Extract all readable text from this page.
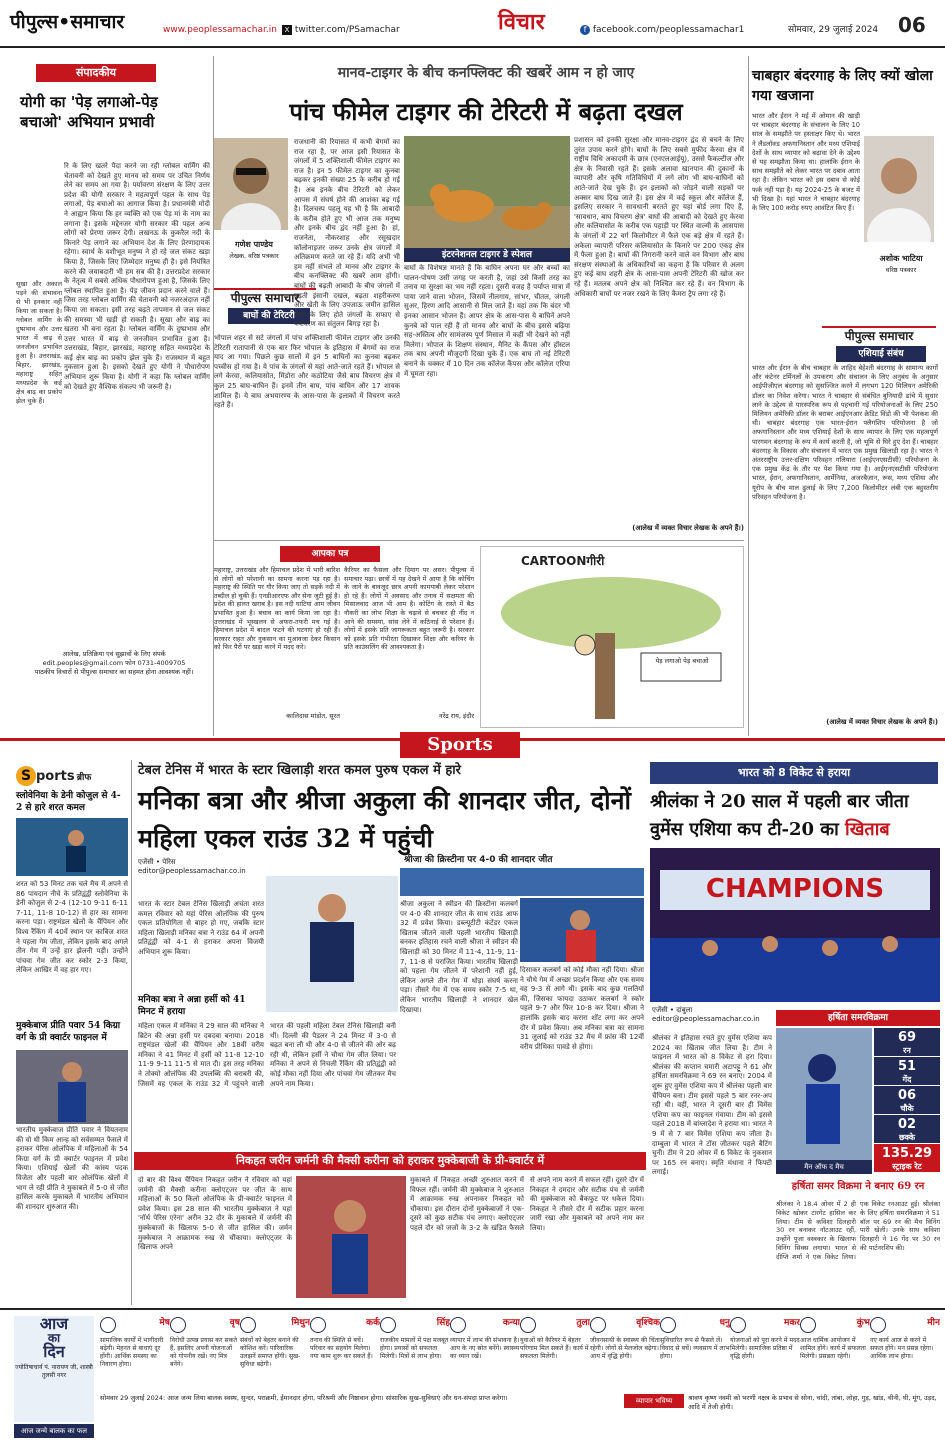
पीपुल्स•समाचार	www.peoplessamachar.in	X twitter.com/PSamachar	विचार	f facebook.com/peoplessamachar1	सोमवार, 29 जुलाई 2024 06
संपादकीय
योगी का 'पेड़ लगाओ-पेड़ बचाओ' अभियान प्रभावी
रि के लिए खतरे पैदा करने जा रही ग्लोबल वार्मिंग की चेतावनी को देखते हुए मानव को समय पर उचित निर्णय लेने का समय आ गया है। पर्यावरण संरक्षण के लिए उत्तर प्रदेश की योगी सरकार ने महत्वपूर्ण पहल के साथ पेड़ लगाओ, पेड़ बचाओ का आगाज किया है। प्रधानमंत्री मोदी ने आह्वान किया कि हर व्यक्ति को एक पेड़ मां के नाम का लगाना है। इसके मद्देनजर योगी सरकार की पहल अन्य लोगों को प्रेरणा जरूर देगी। लखनऊ के कुकरैल नदी के किनारे पेड़ लगाने का अभियान देश के लिए प्रेरणादायक रहेगा। स्वार्थ के वशीभूत मनुष्य ने हो रहे जल संकट खड़ा किया है, जिसके लिए जिम्मेदार मनुष्य ही है। इसे नियंत्रित करने की जवाबदारी भी हम सब की है। उत्तरप्रदेश सरकार के नेतृत्व में सबसे अधिक पौधारोपण हुआ है, जिसके लिए ग्लोबल स्थापित हुआ है। पेड़ जीवन प्रदान करने वाले हैं। जिस तरह ग्लोबल वार्मिंग की चेतावनी को नजरअंदाज नहीं किया जा सकता। इसी तरह बढ़ते तापमान से जल संकट की समस्या भी खड़ी हो सकती है। सूखा और बाढ़ का खतरा भी बना रहता है। ग्लोबल वार्मिंग के दुष्प्रभाव और उत्तर भारत में बाढ़ से जनजीवन प्रभावित हुआ है। उत्तराखंड, बिहार, झारखंड, महाराष्ट्र सहित मध्यप्रदेश के कई क्षेत्र बाढ़ का प्रकोप झेल चुके हैं। राजस्थान में बहुत नुकसान हुआ है। इसको देखते हुए योगी ने पौधारोपण अभियान शुरू किया है। योगी ने कहा कि ग्लोबल वार्मिंग को देखते हुए वैश्विक संकल्प भी जरूरी है।
सूखा और अकाल पड़ने की संभावना से भी इनकार नहीं किया जा सकता है। ग्लोबल वार्मिंग के दुष्प्रभाव और उत्तर भारत में बाढ़ से जनजीवन प्रभावित हुआ है। उत्तराखंड, बिहार, झारखंड, महाराष्ट्र सहित मध्यप्रदेश के कई क्षेत्र बाढ़ का प्रकोप झेल चुके हैं।
आलेख, प्रतिक्रिया एवं सुझावों के लिए संपर्क
edit.peoples@gmail.com फोन 0731-4009705
पाठकीय विचारों से पीपुल्स समाचार का सहमत होना आवश्यक नहीं।
मानव-टाइगर के बीच कनफ्लिक्ट की खबरें आम न हो जाए
पांच फीमेल टाइगर की टेरिटरी में बढ़ता दखल
गणेश पाण्डेय
लेखक, वरिष्ठ पत्रकार
पीपुल्स समाचार
बाघों की टेरिटरी
राजधानी की रियासत में कभी बेगमों का राज रहा है, पर आज इसी रियासत के जंगलों में 5 शक्तिशाली फीमेल टाइगर का राज है। इन 5 फीमेल टाइगर का कुनबा बढ़कर इनकी संख्या 25 के करीब हो गई है। अब इनके बीच टेरिटरी को लेकर आपस में संघर्ष होने की आशंका बढ़ गई है। दिलचस्प पहलू यह भी है कि आबादी के करीब होते हुए भी आज तक मनुष्य और इनके बीच द्वंद नहीं हुआ है। हां, राजनेता, नौकरशाह और रसूखदार कॉलोनाइजर जरूर उनके क्षेत्र जंगलों में अतिक्रमण करते जा रहे हैं। यदि अभी भी हम नहीं संभले तो मानव और टाइगर के बीच कनफ्लिक्ट की खबरें आम होंगी। बाघों की बढ़ती आबादी के बीच जंगलों में बढ़ती इंसानी दखल, बढ़ता शहरीकरण और खेती के लिए उपजाऊ जमीन हासिल करने के लिए होते जंगलों के सफाए से पर्यावरण का संतुलन बिगड़ रहा है।
इंटरनेशनल टाइगर डे स्पेशल
भोपाल शहर से सटे जंगलों में पांच शक्तिशाली फीमेल टाइगर और उनकी टेरिटरी रातापानी से एक बार फिर भोपाल के इतिहास में बेगमों का राज याद आ गया। पिछले कुछ सालों में इन 5 बाघिनों का कुनबा बढ़कर पच्चीस हो गया है। ये पांच के जंगलों से यहां आते-जाते रहते हैं। भोपाल से लगे केरवा, कलियासोत, मिंडोरा और कठोटिया जैसे बाघ विचरण क्षेत्र में कुल 25 बाघ-बाघिन हैं। इनमें तीन बाघ, पांच बाघिन और 17 शावक शामिल हैं। ये बाघ अभयारण्य के आस-पास के इलाकों में विचरण करते रहते हैं।
बाघों के विशेषज्ञ मानते हैं कि बाघिन अपना घर और बच्चों का पालन-पोषण उसी जगह पर करती है, जहां उसे किसी तरह का तनाव या सुरक्षा का भय नहीं रहता। दूसरी वजह है पर्याप्त मात्रा में पाया जाने वाला भोजन, जिसमें नीलगाय, सांभर, चीतल, जंगली सुअर, हिरण आदि आसानी से मिल जाते हैं। यहां तक कि बंदर भी इनका आसान भोजन हैं। आपर क्षेत्र के आस-पास ये बाघिनें अपने कुनबे को पाल रही हैं तो मानव और बाघों के बीच इससे बढ़िया सह-अस्तित्व और सामंजस्य पूर्ण मिसाल में कहीं भी देखने को नहीं मिलेगा। भोपाल के शिक्षण संस्थान, मैनिट के कैंपस और हॉस्टल तक बाघ अपनी मौजूदगी दिखा चुके हैं। एक बाघ तो नई टेरिटरी बनाने के चक्कर में 10 दिन तक कॉलेज कैंपस और कॉलेज एरिया में घूमता रहा।
प्रशासन को इनकी सुरक्षा और मानव-टाइगर द्वंद से बचने के लिए तुरंत उपाय करने होंगे। बाघों के लिए सबसे मुफीद केरवा क्षेत्र में राष्ट्रीय विधि अकादमी के छात्र (एनएलआईयू), उससे फैकल्टीज और क्षेत्र के निवासी रहते हैं। इसके अलावा खानपान की दुकानों के व्यापारी और कृषि गतिविधियों में लगे लोग भी बाघ-बाघिनों को आते-जाते देख चुके हैं। इन इलाकों को जोड़ने वाली सड़कों पर अक्सर बाघ दिख जाते हैं। इस क्षेत्र में कई स्कूल और कॉलेज हैं, इसलिए सरकार ने सावधानी बरतते हुए यहां बोर्ड लगा दिए हैं, 'सावधान, बाघ विचरण क्षेत्र' बाघों की आबादी को देखते हुए केरवा और कलियासोत के करीब एक पहाड़ी पर स्थित वाल्मी के आसपास के जंगलों में 22 वर्ग किलोमीटर में फैले एक बड़े क्षेत्र में रहते हैं। अकेला व्यापारी परिसर कलियासोत के किनारे पर 200 एकड़ क्षेत्र में फैला हुआ है। बाघों की निगरानी करने वाले वन विभाग और बाघ संरक्षण संस्थाओं के अधिकारियों का कहना है कि परिवार से अलग हुए कई बाघ शहरी क्षेत्र के आस-पास अपनी टेरिटरी की खोज कर रहे हैं। मतलब अपने क्षेत्र को निश्चित कर रहे हैं। वन विभाग के अधिकारी बाघों पर नजर रखने के लिए कैमरा ट्रैप लगा रहे हैं।
(आलेख में व्यक्त विचार लेखक के अपने हैं।)
आपका पत्र
महाराष्ट्र, उत्तराखंड और हिमाचल प्रदेश में भारी बारिश से लोगों को परेशानी का सामना करना पड़ रहा है। महाराष्ट्र की स्थिति पर गौर किया जाए तो सड़कें नदी में तब्दील हो चुकी हैं। एनडीआरएफ और सेना जुटी हुई है। प्रदेश की हालत खराब है। इस नदी घाटियां आम जीवन प्रभावित हुआ है। बचाव का कार्य किया जा रहा है। उत्तराखंड में भूस्खलन से अफरा-तफरी मच गई है। हिमाचल प्रदेश में बादल फटने की घटनाएं हो रही हैं। सरकार राहत और नुकसान का मुआवजा देकर किसान को फिर पैरों पर खड़ा करने में मदद करे।
कालिदास मांडोत, सूरत
कैरियर का फैसला और दिमाग पर असर। पीपुल्स में समाचार पढ़ा। छात्रों में यह देखने में आया है कि कोचिंग के जाने के बावजूद छात्र अपनी कामयाबी लेकर परेशान हो रहे हैं। लोगों में अवसाद और तनाव में सक्षमता की मिसालवाद आज भी आम है। कोटिंग के रास्ते में बैठ नौकरी का लोभ शिक्षा के चढ़ावे से बचकर ही नींद न आने की समस्या, सांस लेने में कठिनाई से परेशान हैं। लोगों में इसके प्रति जागरूकता बहुत जरूरी है। सरकार को इसके प्रति गंभीरता दिखाकर शिक्षा और करियर के प्रति काउंसलिंग की आवश्यकता है।
नरेंद्र राय, इंदौर
CARTOONगीरी
पेड़ लगाओ पेड़ बचाओ
चाबहार बंदरगाह के लिए क्यों खोला गया खजाना
भारत और ईरान ने मई में ओमान की खाड़ी पर चाबहार बंदरगाह के संचालन के लिए 10 साल के समझौते पर हस्ताक्षर किए थे। भारत ने लैंडलॉक्ड अफगानिस्तान और मध्य एशियाई देशों के साथ व्यापार को बढ़ावा देने के उद्देश्य से यह समझौता किया था। हालांकि ईरान के साथ समझौते को लेकर भारत पर दबाव आता रहा है। लेकिन भारत को इस दबाव से कोई फर्क नहीं पड़ा है। यह 2024-25 के बजट में भी दिखा है। यहां भारत ने चाबहार बंदरगाह के लिए 100 करोड़ रुपए आवंटित किए हैं।
अशोक भाटिया
वरिष्ठ पत्रकार
पीपुल्स समाचार
एशियाई संबंध
भारत और ईरान के बीच चाबहार के शाहिद बेहेश्ती बंदरगाह के सामान्य कार्गो और कंटेनर टर्मिनलों के उपकरण और संचालन के लिए अनुबंध के अनुसार आईपीजीएल बंदरगाह को सुसज्जित करने में लगभग 120 मिलियन अमेरिकी डॉलर का निवेश करेगा। भारत ने चाबहार से संबंधित बुनियादी ढांचे में सुधार लाने के उद्देश्य से पारस्परिक रूप से पहचानी गई परियोजनाओं के लिए 250 मिलियन अमेरिकी डॉलर के बराबर आईएनआर क्रेडिट विंडो की भी पेशकश की थी। चाबहार बंदरगाह एक भारत-ईरान फ्लैगशिप परियोजना है जो अफगानिस्तान और मध्य एशियाई देशों के साथ व्यापार के लिए एक महत्वपूर्ण पारगमन बंदरगाह के रूप में कार्य करती है, जो भूमि से घिरे हुए देश हैं। चाबहार बंदरगाह के विकास और संचालन में भारत एक प्रमुख खिलाड़ी रहा है। भारत ने अंतरराष्ट्रीय उत्तर-दक्षिण परिवहन गलियारा (आईएनएसटीसी) परियोजना के एक प्रमुख केंद्र के तौर पर पेश किया गया है। आईएनएसटीसी परियोजना भारत, ईरान, अफगानिस्तान, आर्मेनिया, अजरबैजान, रूस, मध्य एशिया और यूरोप के बीच माल ढुलाई के लिए 7,200 किलोमीटर लंबी एक बहुस्तरीय परिवहन परियोजना है।
(आलेख में व्यक्त विचार लेखक के अपने हैं।)
Sports
S ports ब्रीफ
स्लोवेनिया के डेनी कोजुल से 4-2 से हारे शरत कमल
शरत को 53 मिनट तक चले मैच में अपने से 86 पायदान नीचे के प्रतिद्वंद्वी स्लोवेनिया के डेनी कोजुल से 2-4 (12-10 9-11 6-11 7-11, 11-8 10-12) से हार का सामना करना पड़ा। राष्ट्रमंडल खेलों के चैंपियन और विश्व रैंकिंग में 40वें स्थान पर काबिज शरत ने पहला गेम जीता, लेकिन इसके बाद अगले तीन गेम में उन्हें हार झेलनी पड़ी। उन्होंने पांचवा गेम जीत कर स्कोर 2-3 किया, लेकिन आखिर में वह हार गए।
मुक्केबाज प्रीति पवार 54 किग्रा वर्ग के प्री क्वार्टर फाइनल में
भारतीय मुक्केबाज प्रीति पवार ने वियतनाम की वो थी किम आन्ह को सर्वसम्मत फैसले में हराकर पेरिस ओलंपिक में महिलाओं के 54 किग्रा वर्ग के प्री क्वार्टर फाइनल में प्रवेश किया। एशियाई खेलों की कांस्य पदक विजेता और पहली बार ओलंपिक खेलों में भाग ले रही प्रीति ने मुकाबले में 5-0 से जीत हासिल करके मुकाबले में भारतीय अभियान की शानदार शुरुआत की।
टेबल टेनिस में भारत के स्टार खिलाड़ी शरत कमल पुरुष एकल में हारे
मनिका बत्रा और श्रीजा अकुला की शानदार जीत, दोनों महिला एकल राउंड 32 में पहुंची
एजेंसी • पेरिस
editor@peoplessamachar.co.in
श्रीजा की क्रिस्टीना पर 4-0 की शानदार जीत
भारत के स्टार टेबल टेनिस खिलाड़ी अचंता शरत कमल रविवार को यहां पेरिस ओलंपिक की पुरुष एकल प्रतियोगिता से बाहर हो गए, जबकि स्टार महिला खिलाड़ी मनिका बत्रा ने राउंड 64 में अपनी प्रतिद्वंद्वी को 4-1 से हराकर अपना विजयी अभियान शुरू किया।
मनिका बत्रा ने अन्ना हर्सी को 41 मिनट में हराया
महिला एकल में मनिका ने 29 साल की मनिका ने ब्रिटेन की अन्ना हर्सी पर दबदबा बनाया। 2018 राष्ट्रमंडल खेलों की चैंपियन और 18वीं वरीय मनिका ने 41 मिनट में हर्सी को 11-8 12-10 11-9 9-11 11-5 से मात दी। इस तरह मनिका ने तोक्यो ओलंपिक की उपलब्धि की बराबरी की, जिसमें वह एकल के राउंड 32 में पहुंचने वाली भारत की पहली महिला टेबल टेनिस खिलाड़ी बनी थीं। दिल्ली की पैडलर ने 24 मिनट में 3-0 से बढ़त बना ली थी और 4-0 से जीतने की ओर बढ़ रही थी, लेकिन हर्सी ने चौथा गेम जीत लिया। पर मनिका ने अपने से निचली रैंकिंग की प्रतिद्वंद्वी को कोई मौका नहीं दिया और पांचवां गेम जीतकर मैच अपने नाम किया।
श्रीजा अकुला ने स्वीडन की क्रिस्टीना कलबर्ग पर 4-0 की शानदार जीत के साथ राउंड आफ 32 में प्रवेश किया। डब्ल्यूटीटी कंटेंडर एकल खिताब जीतने वाली पहली भारतीय खिलाड़ी बनकर इतिहास रचने वाली श्रीजा ने स्वीडन की खिलाड़ी को 30 मिनट में 11-4, 11-9, 11-7, 11-8 से पराजित किया। भारतीय खिलाड़ी को पहला गेम जीतने में परेशानी नहीं हुई, लेकिन अगले तीन गेम में थोड़ा संघर्ष करना पड़ा। तीसरे गेम में एक समय स्कोर 7-5 था, लेकिन भारतीय खिलाड़ी ने शानदार खेल दिखाया।
दिसाकर कलबर्ग को कोई मौका नहीं दिया। श्रीजा ने चौथे गेम में अच्छा प्रदर्शन किया और एक समय वह 9-3 से आगे थी। इसके बाद कुछ गलतियों की, जिसका फायदा उठाकर कलबर्ग ने स्कोर पहले 9-7 और फिर 10-8 कर दिया। श्रीजा ने हालांकि इसके बाद करारा शॉट लगा कर अपने दौर में प्रवेश किया। अब मनिका बत्रा का सामना 31 जुलाई को राउंड 32 मैच में फ्रांस की 12वीं वरीय प्रीथिका पावडे से होगा।
भारत को 8 विकेट से हराया
श्रीलंका ने 20 साल में पहली बार जीता
वुमेंस एशिया कप टी-20 का खिताब
CHAMPIONS
एजेंसी • दांबुला
editor@peoplessamachar.co.in
श्रीलंका ने इतिहास रचते हुए वुमेंस एशिया कप 2024 का खिताब जीत लिया है। टीम ने फाइनल में भारत को 8 विकेट से हरा दिया। श्रीलंका की कप्तान चमारी अटापट्टू ने 61 और हर्षिता समरविक्रमा ने 69 रन बनाए। 2004 में शुरू हुए वुमेंस एशिया कप में श्रीलंका पहली बार चैंपियन बना। टीम इससे पहले 5 बार रनर-अप रही थी। वहीं, भारत ने दूसरी बार ही विमेंस एशिया कप का फाइनल गंवाया। टीम को इससे पहले 2018 में बांग्लादेश ने हराया था। भारत ने 9 में से 7 बार विमेंस एशिया कप जीता है। दाम्बुला में भारत ने टॉस जीतकर पहले बैटिंग चुनी। टीम ने 20 ओवर में 6 विकेट के नुकसान पर 165 रन बनाए। स्मृति मंधाना ने फिफ्टी लगाई।
हर्षिता समरविक्रमा
मैन ऑफ द मैच
69
रन
51
गेंद
06
चौके
02
छक्के
135.29
स्ट्राइक रेट
हर्षिता समर विक्रमा ने बनाए 69 रन
श्रीलंका ने 18.4 ओवर में 2 ही विकेट खोकर टारगेट हासिल कर लिया। टीम से कविशा दिलहारी 30 रन बनाकर नॉटआउट रहीं, उन्होंने पूजा वस्त्रकार के खिलाफ विनिंग सिक्स लगाया। भारत से दीप्ति शर्मा ने एक विकेट लिया। एक विकेट रनआउट हुई। श्रीलंका के लिए हर्षिता समरविक्रमा ने 51 बॉल पर 69 रन की मैच विनिंग पारी खेली। उनके साथ कविशा दिलहारी ने 16 गेंद पर 30 रन की पार्टनरशिप की।
निकहत जरीन जर्मनी की मैक्सी करीना को हराकर मुक्केबाजी के प्री-क्वार्टर में
दो बार की विश्व चैंपियन निकहत जरीन ने रविवार को यहां जर्मनी की मैक्सी करीना क्लोएट्जर पर जीत के साथ महिलाओं के 50 किलो ओलंपिक के प्री-क्वार्टर फाइनल में प्रवेश किया। इस 28 साल की भारतीय मुक्केबाज ने यहां 'नॉर्थ पेरिस एरेना' अरीन 32 दौर के मुकाबले में जर्मनी की मुक्केबाजों के खिलाफ 5-0 से जीत हासिल की। जर्मन मुक्केबाज ने आक्रामक रुख से चौंकाया। क्लोएट्जर के खिलाफ अपने
मुकाबले में निकहत अच्छी शुरुआत करने में विफल रहीं। जर्मनी की मुक्केबाज ने शुरुआत में आक्रामक रुख अपनाकर निकहत को चौंकाया। इस दौरान दोनों मुक्केबाजों ने एक-दूसरे को कुछ सटीक पंच लगाए। क्लोएट्जर पहले दौर को जजों के 3-2 के खंडित फैसले से अपने नाम करने में सफल रहीं। दूसरे दौर में निकहत ने दमदार और सटीक पंच से जर्मनी की मुक्केबाज को बैकफुट पर धकेल दिया। निकहत ने तीसरे दौर में सटीक प्रहार करना जारी रखा और मुकाबले को अपने नाम कर लिया।
आज
का
दिन
ज्योतिषाचार्य पं. नारायण जी, शास्त्री तुलसी नगर
आज जन्मे बालक का फल
मेष
सामाजिक कार्यों में भागीदारी बढ़ेगी। मेहनत से बाधाएं दूर होंगी। आर्थिक समस्या का निवारण होगा।
वृष
विरोधी उत्पन्न प्रयास कर सकते हैं, इसलिए अपनी योजनाओं को गोपनीय रखें। नए मित्र बनेंगे।
मिथुन
संबंधों को बेहतर बनाने की कोशिश करें। पारिवारिक उलझनें समाप्त होंगी। सुख-सुविधा बढ़ेगी।
कर्क
तनाव की स्थिति से बचें। परिवार का सहयोग मिलेगा। नया काम शुरू कर सकते हैं।
सिंह
राजकीय मामलों में पक्ष मजबूत होगा। प्रयासों को सफलता मिलेगी। मित्रों से लाभ होगा।
कन्या
व्यापार में लाभ की संभावना है। आय के नए स्रोत बनेंगे। स्वास्थ्य का ध्यान रखें।
तुला
युवाओं को कैरियर में बेहतर परिणाम मिल सकते हैं। कार्य में सफलता मिलेगी।
वृश्चिक
जीवनसाथी के स्वास्थ्य की चिंता रहेगी। लोगों से मेलजोल बढ़ेगा। आय में वृद्धि होगी।
धनु
सुविचारित रूप से फैसले लें। विवाद से बचें। व्यवसाय में लाभ होगा।
मकर
योजनाओं को पूरा करने में मदद मिलेगी। सामाजिक प्रतिष्ठा में वृद्धि होगी।
कुंभ
आज धार्मिक आयोजन में शामिल होंगे। कार्य में सफलता मिलेगी। प्रसन्नता रहेगी।
मीन
नए कार्य आज से करने में सफल होंगे। मन प्रसन्न रहेगा। आर्थिक लाभ होगा।
सोमवार 29 जुलाई 2024: आज जन्म लिया बालक स्वस्थ, सुन्दर, पराक्रमी, ईमानदार होगा, परिश्रमी और निष्ठावान होगा। सांसारिक सुख-सुविधाएं और धन-संपदा प्राप्त करेगा।	व्यापार भविष्य	श्रावण कृष्ण नवमी को भरणी नक्षत्र के प्रभाव से सोना, चांदी, तांबा, लोहा, गुड़, खांड, चीनी, घी, मूंग, उड़द, आदि में तेजी होगी।
